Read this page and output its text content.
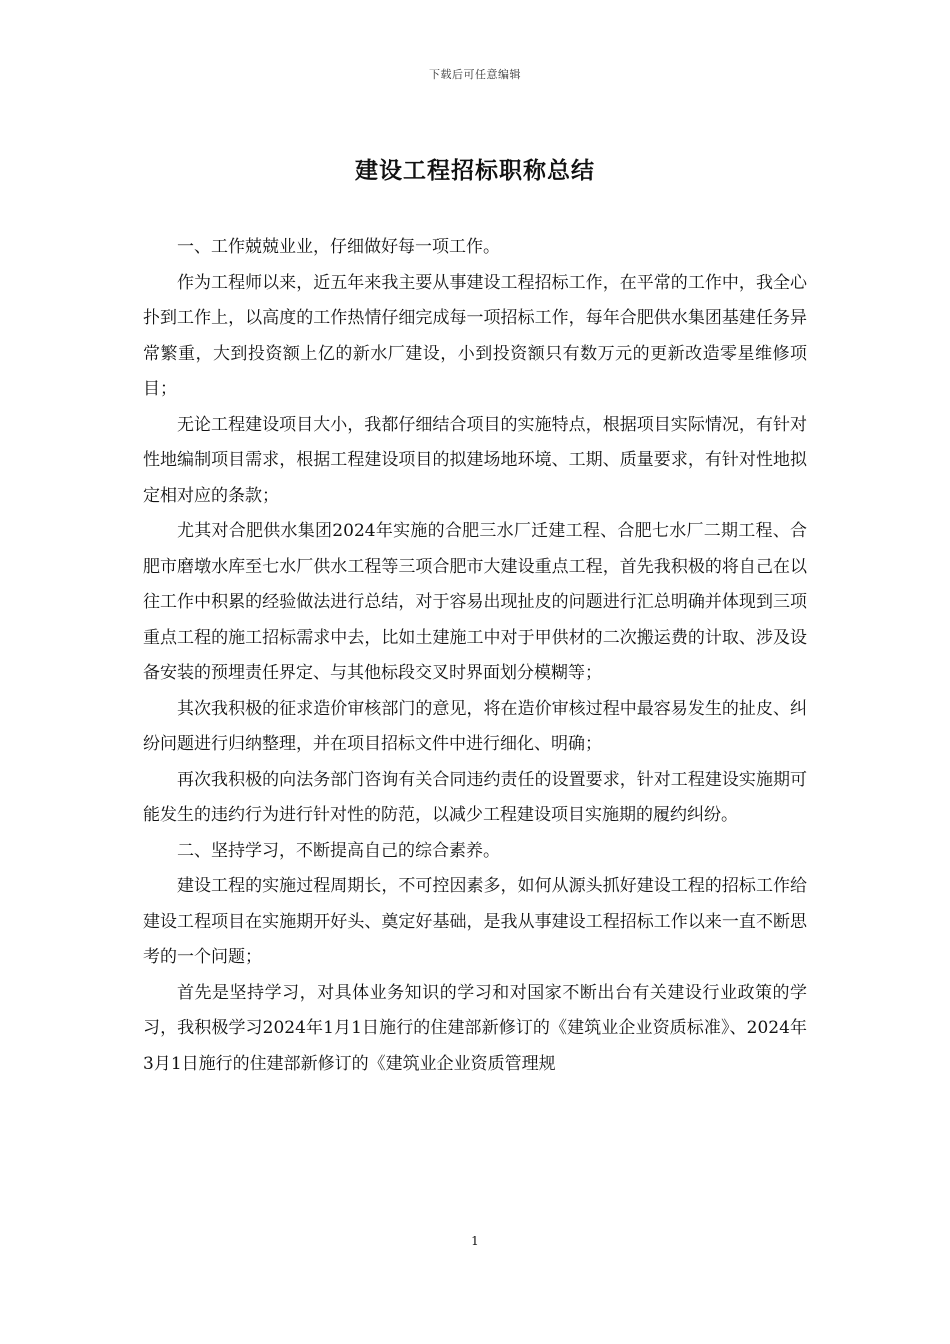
下载后可任意编辑
建设工程招标职称总结

一、工作兢兢业业，仔细做好每一项工作。

作为工程师以来，近五年来我主要从事建设工程招标工作，在平常的工作中，我全心扑到工作上，以高度的工作热情仔细完成每一项招标工作，每年合肥供水集团基建任务异常繁重，大到投资额上亿的新水厂建设，小到投资额只有数万元的更新改造零星维修项目；

无论工程建设项目大小，我都仔细结合项目的实施特点，根据项目实际情况，有针对性地编制项目需求，根据工程建设项目的拟建场地环境、工期、质量要求，有针对性地拟定相对应的条款；

尤其对合肥供水集团2024年实施的合肥三水厂迁建工程、合肥七水厂二期工程、合肥市磨墩水库至七水厂供水工程等三项合肥市大建设重点工程，首先我积极的将自己在以往工作中积累的经验做法进行总结，对于容易出现扯皮的问题进行汇总明确并体现到三项重点工程的施工招标需求中去，比如土建施工中对于甲供材的二次搬运费的计取、涉及设备安装的预埋责任界定、与其他标段交叉时界面划分模糊等；

其次我积极的征求造价审核部门的意见，将在造价审核过程中最容易发生的扯皮、纠纷问题进行归纳整理，并在项目招标文件中进行细化、明确；

再次我积极的向法务部门咨询有关合同违约责任的设置要求，针对工程建设实施期可能发生的违约行为进行针对性的防范，以减少工程建设项目实施期的履约纠纷。

二、坚持学习，不断提高自己的综合素养。

建设工程的实施过程周期长，不可控因素多，如何从源头抓好建设工程的招标工作给建设工程项目在实施期开好头、奠定好基础，是我从事建设工程招标工作以来一直不断思考的一个问题；

首先是坚持学习，对具体业务知识的学习和对国家不断出台有关建设行业政策的学习，我积极学习2024年1月1日施行的住建部新修订的《建筑业企业资质标准》、2024年3月1日施行的住建部新修订的《建筑业企业资质管理规

1
